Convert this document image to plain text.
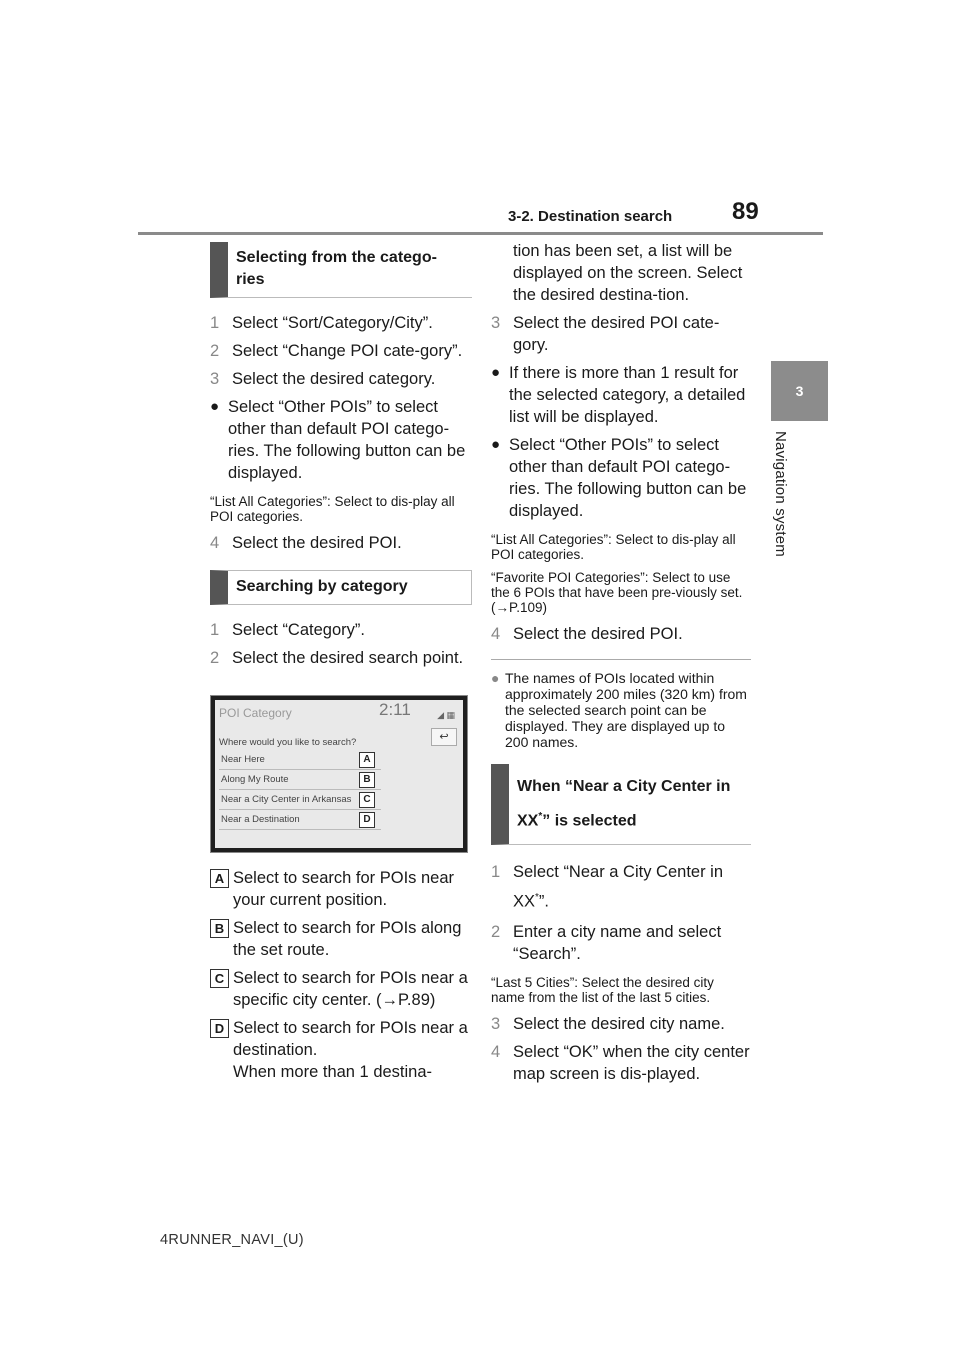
3-2. Destination search 89
3
Navigation system
Selecting from the catego-ries
1 Select “Sort/Category/City”.
2 Select “Change POI cate-gory”.
3 Select the desired category.
● Select “Other POIs” to select other than default POI catego-ries. The following button can be displayed.
“List All Categories”: Select to dis-play all POI categories.
4 Select the desired POI.
Searching by category
1 Select “Category”.
2 Select the desired search point.
POI Category	2:11	◢ ▦
Where would you like to search?	↩
Near Here	A
Along My Route	B
Near a City Center in Arkansas	C
Near a Destination	D
A Select to search for POIs near your current position.
B Select to search for POIs along the set route.
C Select to search for POIs near a specific city center. (→P.89)
D Select to search for POIs near a destination.
When more than 1 destina-
tion has been set, a list will be displayed on the screen. Select the desired destina-tion.
3 Select the desired POI cate-gory.
● If there is more than 1 result for the selected category, a detailed list will be displayed.
● Select “Other POIs” to select other than default POI catego-ries. The following button can be displayed.
“List All Categories”: Select to dis-play all POI categories.
“Favorite POI Categories”: Select to use the 6 POIs that have been pre-viously set. (→P.109)
4 Select the desired POI.
● The names of POIs located within approximately 200 miles (320 km) from the selected search point can be displayed. They are displayed up to 200 names.
When “Near a City Center in XX*” is selected
1 Select “Near a City Center in XX*”.
2 Enter a city name and select “Search”.
“Last 5 Cities”: Select the desired city name from the list of the last 5 cities.
3 Select the desired city name.
4 Select “OK” when the city center map screen is dis-played.
4RUNNER_NAVI_(U)
